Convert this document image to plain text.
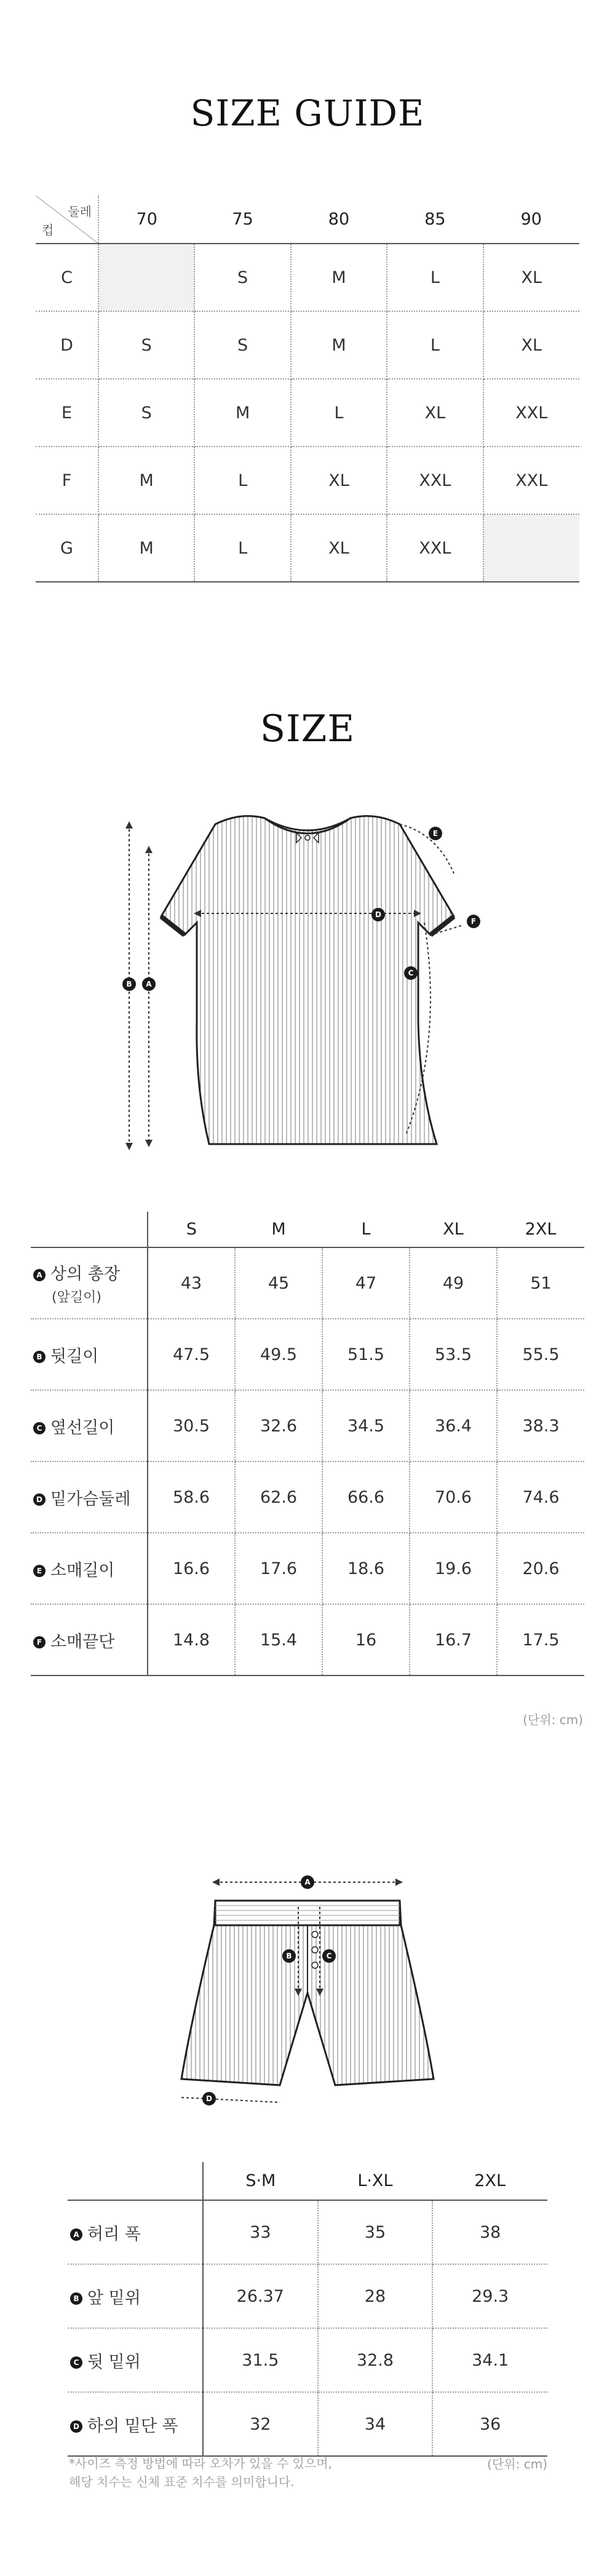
SIZE GUIDE
둘레
컵	70	75	80	85	90
C		S	M	L	XL
D	S	S	M	L	XL
E	S	M	L	XL	XXL
F	M	L	XL	XXL	XXL
G	M	L	XL	XXL	
SIZE
B A
D
C
E
F
	S	M	L	XL	2XL
A 상의 총장
(앞길이)	43	45	47	49	51
B 뒷길이	47.5	49.5	51.5	53.5	55.5
C 옆선길이	30.5	32.6	34.5	36.4	38.3
D 밑가슴둘레	58.6	62.6	66.6	70.6	74.6
E 소매길이	16.6	17.6	18.6	19.6	20.6
F 소매끝단	14.8	15.4	16	16.7	17.5
(단위: cm)
A
B	C
D
	S·M	L·XL	2XL
A 허리 폭	33	35	38
B 앞 밑위	26.37	28	29.3
C 뒷 밑위	31.5	32.8	34.1
D 하의 밑단 폭	32	34	36
*사이즈 측정 방법에 따라 오차가 있을 수 있으며,
해당 치수는 신체 표준 치수를 의미합니다.
(단위: cm)
